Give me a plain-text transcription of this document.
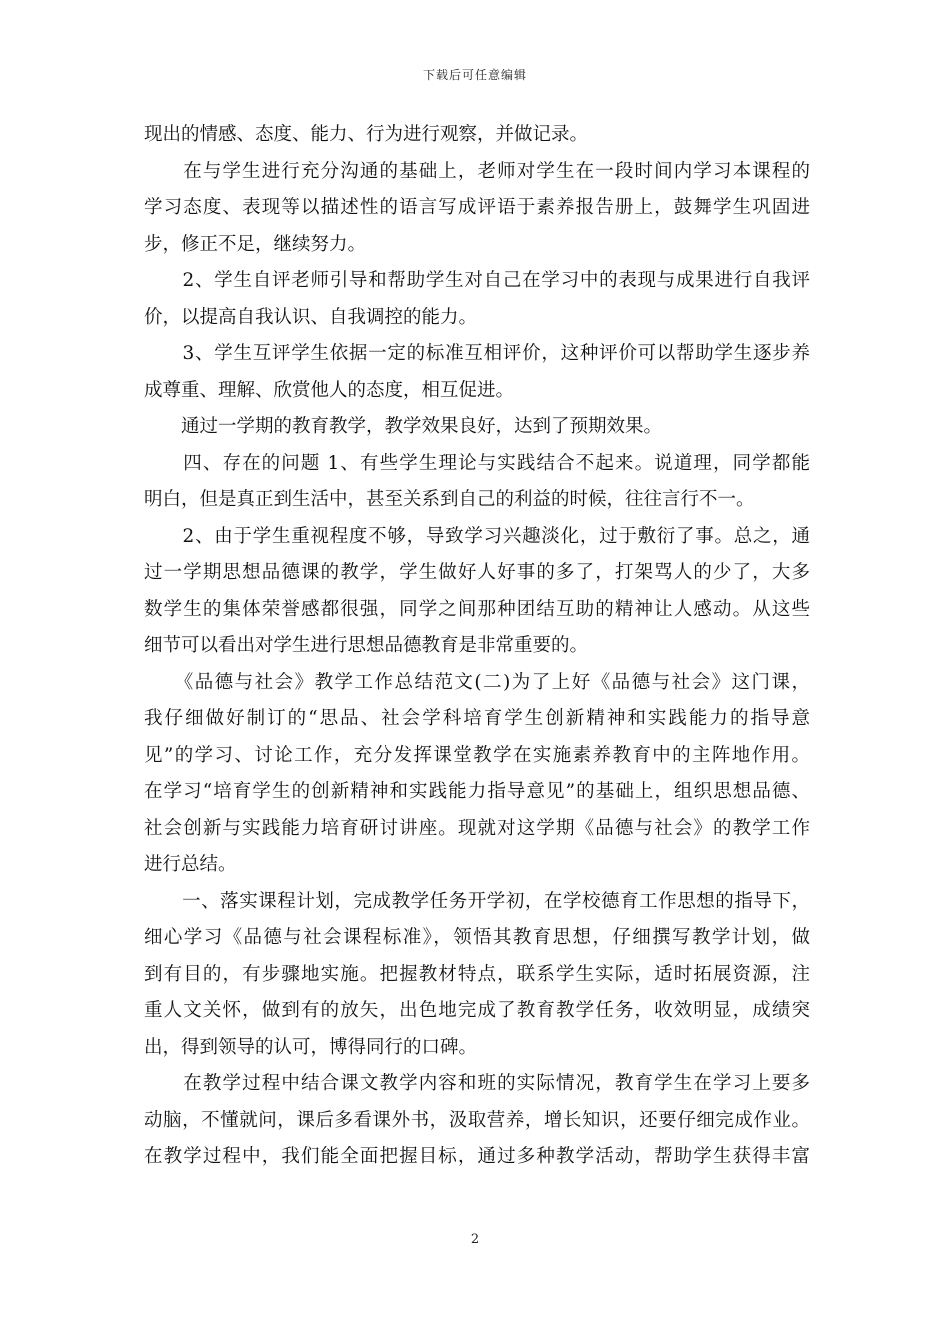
下载后可任意编辑
现出的情感、态度、能力、行为进行观察，并做记录。
　　在与学生进行充分沟通的基础上，老师对学生在一段时间内学习本课程的
学习态度、表现等以描述性的语言写成评语于素养报告册上，鼓舞学生巩固进
步，修正不足，继续努力。
　　2、学生自评老师引导和帮助学生对自己在学习中的表现与成果进行自我评
价，以提高自我认识、自我调控的能力。
　　3、学生互评学生依据一定的标准互相评价，这种评价可以帮助学生逐步养
成尊重、理解、欣赏他人的态度，相互促进。
　　通过一学期的教育教学，教学效果良好，达到了预期效果。
　　四、存在的问题 1、有些学生理论与实践结合不起来。说道理，同学都能
明白，但是真正到生活中，甚至关系到自己的利益的时候，往往言行不一。
　　2、由于学生重视程度不够，导致学习兴趣淡化，过于敷衍了事。总之，通
过一学期思想品德课的教学，学生做好人好事的多了，打架骂人的少了，大多
数学生的集体荣誉感都很强，同学之间那种团结互助的精神让人感动。从这些
细节可以看出对学生进行思想品德教育是非常重要的。
　　《品德与社会》教学工作总结范文(二)为了上好《品德与社会》这门课，
我仔细做好制订的“思品、社会学科培育学生创新精神和实践能力的指导意
见”的学习、讨论工作，充分发挥课堂教学在实施素养教育中的主阵地作用。
在学习“培育学生的创新精神和实践能力指导意见”的基础上，组织思想品德、
社会创新与实践能力培育研讨讲座。现就对这学期《品德与社会》的教学工作
进行总结。
　　一、落实课程计划，完成教学任务开学初，在学校德育工作思想的指导下，
细心学习《品德与社会课程标准》，领悟其教育思想，仔细撰写教学计划，做
到有目的，有步骤地实施。把握教材特点，联系学生实际，适时拓展资源，注
重人文关怀，做到有的放矢，出色地完成了教育教学任务，收效明显，成绩突
出，得到领导的认可，博得同行的口碑。
　　在教学过程中结合课文教学内容和班的实际情况，教育学生在学习上要多
动脑，不懂就问，课后多看课外书，汲取营养，增长知识，还要仔细完成作业。
在教学过程中，我们能全面把握目标，通过多种教学活动，帮助学生获得丰富
2
